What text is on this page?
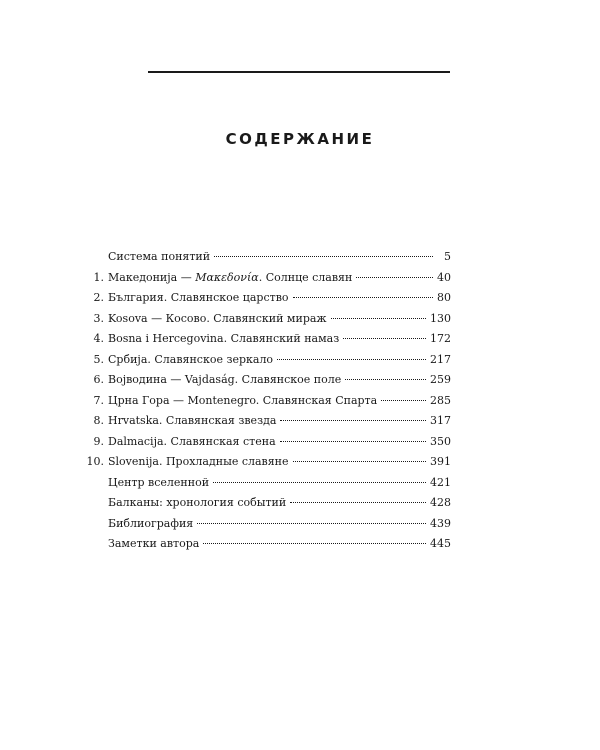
СОДЕРЖАНИЕ
Система понятий	5
1. Македонија — Μακεδονία. Солнце славян	40
2. България. Славянское царство	80
3. Kosova — Косово. Славянский мираж	130
4. Bosna i Hercegovina. Славянский намаз	172
5. Србија. Славянское зеркало	217
6. Војводина — Vajdaság. Славянское поле	259
7. Црна Гора — Montenegro. Славянская Спарта	285
8. Hrvatska. Славянская звезда	317
9. Dalmacija. Славянская стена	350
10. Slovenija. Прохладные славяне	391
Центр вселенной	421
Балканы: хронология событий	428
Библиография	439
Заметки автора	445
